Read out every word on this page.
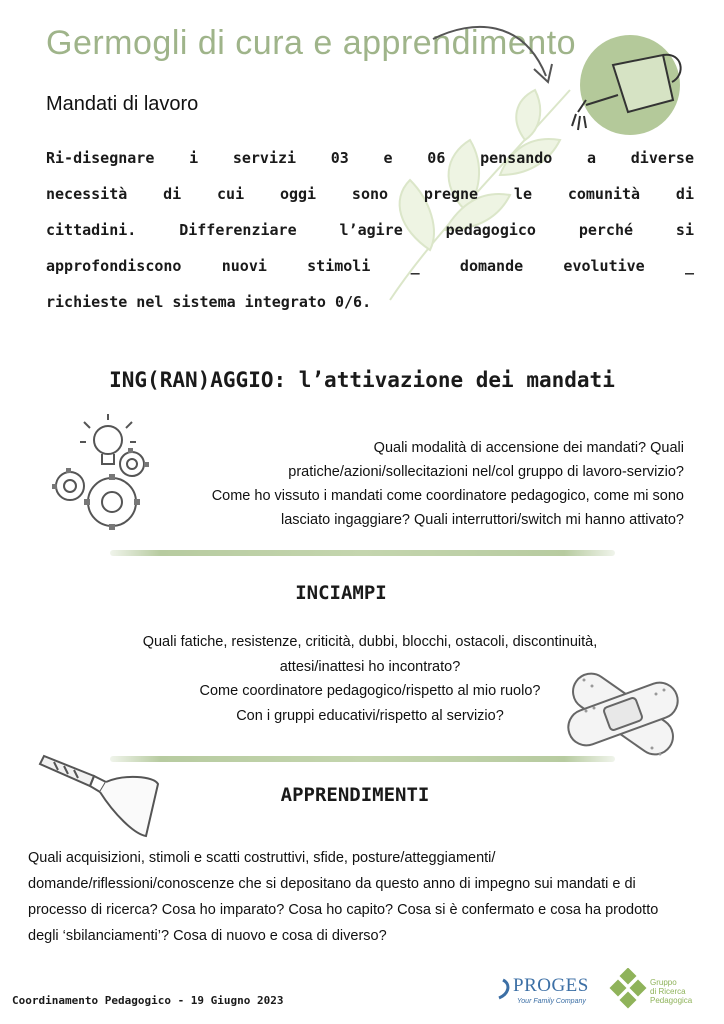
Germogli di cura e apprendimento
Mandati di lavoro
Ri-disegnare i servizi 03 e 06 pensando a diverse
necessità di cui oggi sono pregne le comunità di
cittadini. Differenziare l’agire pedagogico perché si
approfondiscono nuovi stimoli _ domande evolutive _
richieste nel sistema integrato 0/6.
ING(RAN)AGGIO: l’attivazione dei mandati
Quali modalità di accensione dei mandati? Quali
pratiche/azioni/sollecitazioni nel/col gruppo di lavoro-servizio?
Come ho vissuto i mandati come coordinatore pedagogico, come mi sono
lasciato ingaggiare? Quali interruttori/switch mi hanno attivato?
INCIAMPI
Quali fatiche, resistenze, criticità, dubbi, blocchi, ostacoli, discontinuità,
attesi/inattesi ho incontrato?
Come coordinatore pedagogico/rispetto al mio ruolo?
Con i gruppi educativi/rispetto al servizio?
APPRENDIMENTI
Quali acquisizioni, stimoli e scatti costruttivi, sfide, posture/atteggiamenti/
domande/riflessioni/conoscenze che si depositano da questo anno di impegno sui mandati e di
processo di ricerca? Cosa ho imparato? Cosa ho capito? Cosa si è confermato e cosa ha prodotto
degli ‘sbilanciamenti’? Cosa di nuovo e cosa di diverso?
Coordinamento Pedagogico - 19 Giugno 2023
PROGES
Your Family Company
Gruppo
di Ricerca
Pedagogica
